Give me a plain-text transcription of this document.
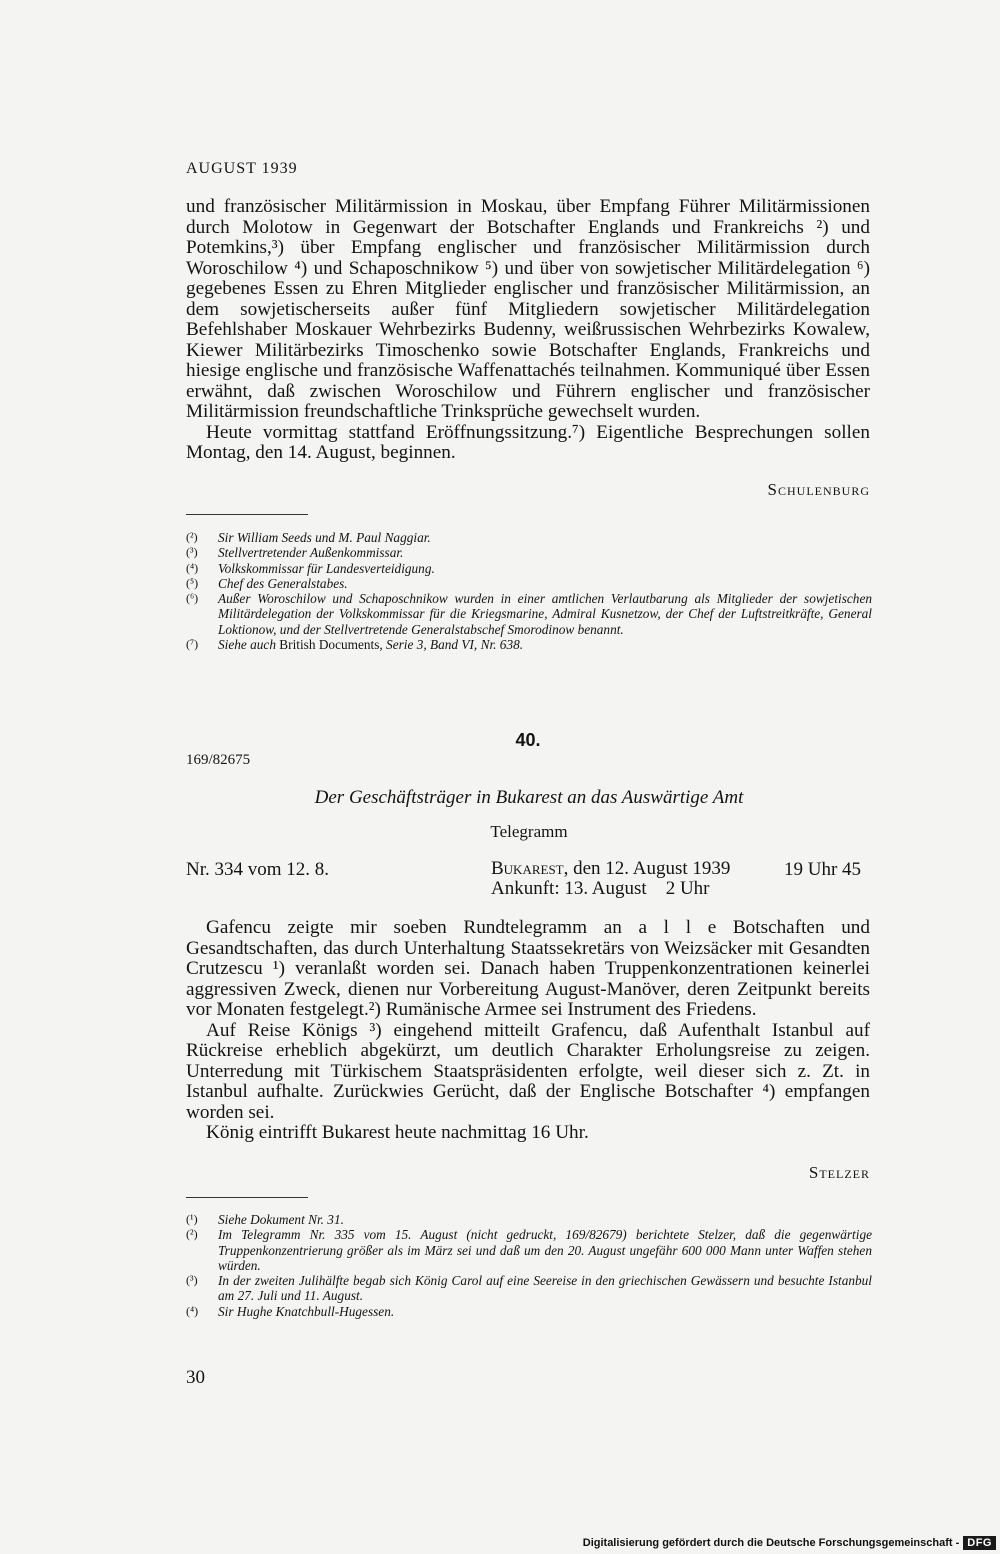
AUGUST 1939

und französischer Militärmission in Moskau, über Empfang Führer Militärmissionen durch Molotow in Gegenwart der Botschafter Englands und Frankreichs ²) und Potemkins,³) über Empfang englischer und französischer Militärmission durch Woroschilow ⁴) und Schaposchnikow ⁵) und über von sowjetischer Militärdelegation ⁶) gegebenes Essen zu Ehren Mitglieder englischer und französischer Militärmission, an dem sowjetischerseits außer fünf Mitgliedern sowjetischer Militärdelegation Befehlshaber Moskauer Wehrbezirks Budenny, weißrussischen Wehrbezirks Kowalew, Kiewer Militärbezirks Timoschenko sowie Botschafter Englands, Frankreichs und hiesige englische und französische Waffenattachés teilnahmen. Kommuniqué über Essen erwähnt, daß zwischen Woroschilow und Führern englischer und französischer Militärmission freundschaftliche Trinksprüche gewechselt wurden.

Heute vormittag stattfand Eröffnungssitzung.⁷) Eigentliche Besprechungen sollen Montag, den 14. August, beginnen.

Schulenburg
(²)	Sir William Seeds und M. Paul Naggiar.
(³)	Stellvertretender Außenkommissar.
(⁴)	Volkskommissar für Landesverteidigung.
(⁵)	Chef des Generalstabes.
(⁶)	Außer Woroschilow und Schaposchnikow wurden in einer amtlichen Verlautbarung als Mitglieder der sowjetischen Militärdelegation der Volkskommissar für die Kriegsmarine, Admiral Kusnetzow, der Chef der Luftstreitkräfte, General Loktionow, und der Stellvertretende Generalstabschef Smorodinow benannt.
(⁷)	Siehe auch British Documents, Serie 3, Band VI, Nr. 638.
40.
169/82675
Der Geschäftsträger in Bukarest an das Auswärtige Amt
Telegramm
Nr. 334 vom 12. 8.	Bukarest, den 12. August 1939
Ankunft: 13. August    2 Uhr
19 Uhr 45

Gafencu zeigte mir soeben Rundtelegramm an a l l e Botschaften und Gesandtschaften, das durch Unterhaltung Staatssekretärs von Weizsäcker mit Gesandten Crutzescu ¹) veranlaßt worden sei. Danach haben Truppenkonzentrationen keinerlei aggressiven Zweck, dienen nur Vorbereitung August-Manöver, deren Zeitpunkt bereits vor Monaten festgelegt.²) Rumänische Armee sei Instrument des Friedens.

Auf Reise Königs ³) eingehend mitteilt Grafencu, daß Aufenthalt Istanbul auf Rückreise erheblich abgekürzt, um deutlich Charakter Erholungsreise zu zeigen. Unterredung mit Türkischem Staatspräsidenten erfolgte, weil dieser sich z. Zt. in Istanbul aufhalte. Zurückwies Gerücht, daß der Englische Botschafter ⁴) empfangen worden sei.

König eintrifft Bukarest heute nachmittag 16 Uhr.

Stelzer
(¹)	Siehe Dokument Nr. 31.
(²)	Im Telegramm Nr. 335 vom 15. August (nicht gedruckt, 169/82679) berichtete Stelzer, daß die gegenwärtige Truppenkonzentrierung größer als im März sei und daß um den 20. August ungefähr 600 000 Mann unter Waffen stehen würden.
(³)	In der zweiten Julihälfte begab sich König Carol auf eine Seereise in den griechischen Gewässern und besuchte Istanbul am 27. Juli und 11. August.
(⁴)	Sir Hughe Knatchbull-Hugessen.
30
Digitalisierung gefördert durch die Deutsche Forschungsgemeinschaft - DFG
